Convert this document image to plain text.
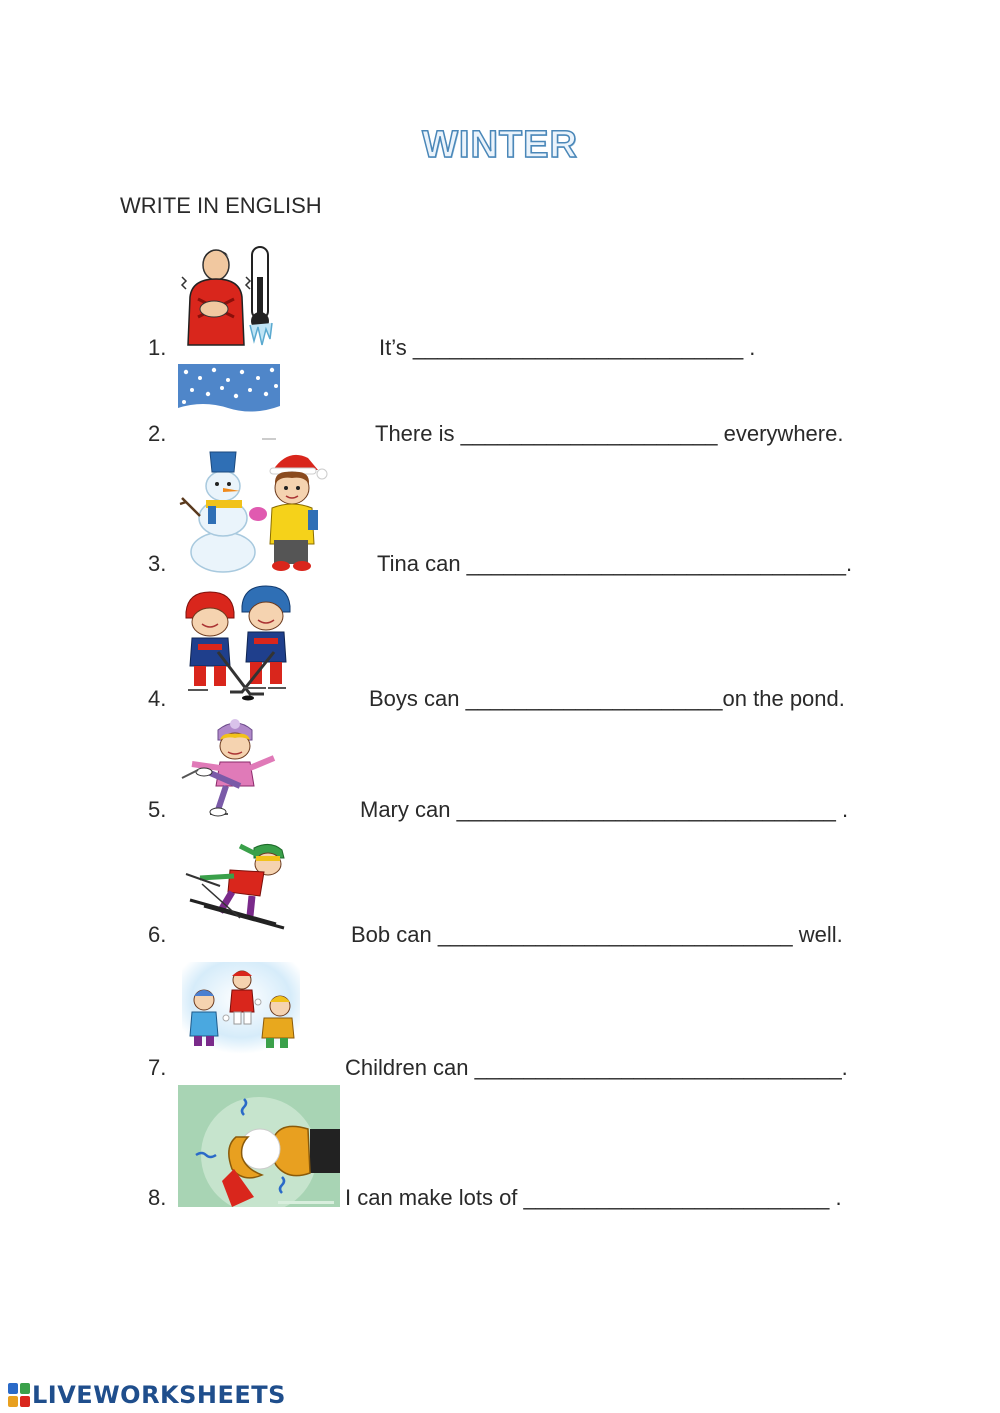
WINTER
WRITE IN ENGLISH
1.	It’s ___________________________ .
2.	There is _____________________ everywhere.
3.	Tina can _______________________________.
4.	Boys can _____________________on the pond.
5.	Mary can _______________________________ .
6.	Bob can _____________________________ well.
7.	Children can ______________________________.
8.	I can make lots of _________________________ .
LIVEWORKSHEETS
